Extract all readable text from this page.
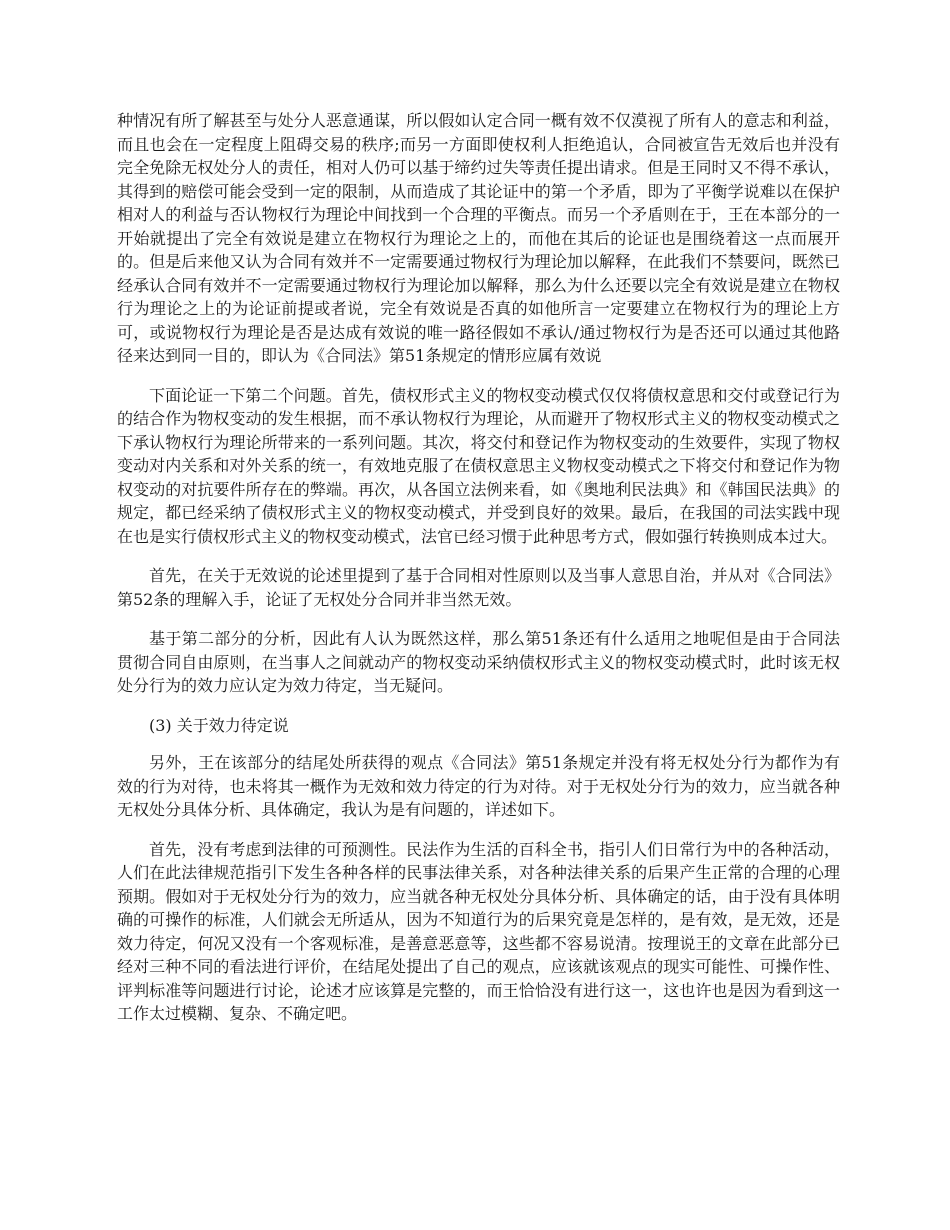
种情况有所了解甚至与处分人恶意通谋，所以假如认定合同一概有效不仅漠视了所有人的意志和利益，而且也会在一定程度上阻碍交易的秩序;而另一方面即使权利人拒绝追认，合同被宣告无效后也并没有完全免除无权处分人的责任，相对人仍可以基于缔约过失等责任提出请求。但是王同时又不得不承认，其得到的赔偿可能会受到一定的限制，从而造成了其论证中的第一个矛盾，即为了平衡学说难以在保护相对人的利益与否认物权行为理论中间找到一个合理的平衡点。而另一个矛盾则在于，王在本部分的一开始就提出了完全有效说是建立在物权行为理论之上的，而他在其后的论证也是围绕着这一点而展开的。但是后来他又认为合同有效并不一定需要通过物权行为理论加以解释，在此我们不禁要问，既然已经承认合同有效并不一定需要通过物权行为理论加以解释，那么为什么还要以完全有效说是建立在物权行为理论之上的为论证前提或者说，完全有效说是否真的如他所言一定要建立在物权行为的理论上方可，或说物权行为理论是否是达成有效说的唯一路径假如不承认/通过物权行为是否还可以通过其他路径来达到同一目的，即认为《合同法》第51条规定的情形应属有效说

下面论证一下第二个问题。首先，债权形式主义的物权变动模式仅仅将债权意思和交付或登记行为的结合作为物权变动的发生根据，而不承认物权行为理论，从而避开了物权形式主义的物权变动模式之下承认物权行为理论所带来的一系列问题。其次，将交付和登记作为物权变动的生效要件，实现了物权变动对内关系和对外关系的统一，有效地克服了在债权意思主义物权变动模式之下将交付和登记作为物权变动的对抗要件所存在的弊端。再次，从各国立法例来看，如《奥地利民法典》和《韩国民法典》的规定，都已经采纳了债权形式主义的物权变动模式，并受到良好的效果。最后，在我国的司法实践中现在也是实行债权形式主义的物权变动模式，法官已经习惯于此种思考方式，假如强行转换则成本过大。

首先，在关于无效说的论述里提到了基于合同相对性原则以及当事人意思自治，并从对《合同法》第52条的理解入手，论证了无权处分合同并非当然无效。

基于第二部分的分析，因此有人认为既然这样，那么第51条还有什么适用之地呢但是由于合同法贯彻合同自由原则，在当事人之间就动产的物权变动采纳债权形式主义的物权变动模式时，此时该无权处分行为的效力应认定为效力待定，当无疑问。

(3) 关于效力待定说

另外，王在该部分的结尾处所获得的观点《合同法》第51条规定并没有将无权处分行为都作为有效的行为对待，也未将其一概作为无效和效力待定的行为对待。对于无权处分行为的效力，应当就各种无权处分具体分析、具体确定，我认为是有问题的，详述如下。

首先，没有考虑到法律的可预测性。民法作为生活的百科全书，指引人们日常行为中的各种活动，人们在此法律规范指引下发生各种各样的民事法律关系，对各种法律关系的后果产生正常的合理的心理预期。假如对于无权处分行为的效力，应当就各种无权处分具体分析、具体确定的话，由于没有具体明确的可操作的标准，人们就会无所适从，因为不知道行为的后果究竟是怎样的，是有效，是无效，还是效力待定，何况又没有一个客观标准，是善意恶意等，这些都不容易说清。按理说王的文章在此部分已经对三种不同的看法进行评价，在结尾处提出了自己的观点，应该就该观点的现实可能性、可操作性、评判标准等问题进行讨论，论述才应该算是完整的，而王恰恰没有进行这一，这也许也是因为看到这一工作太过模糊、复杂、不确定吧。
